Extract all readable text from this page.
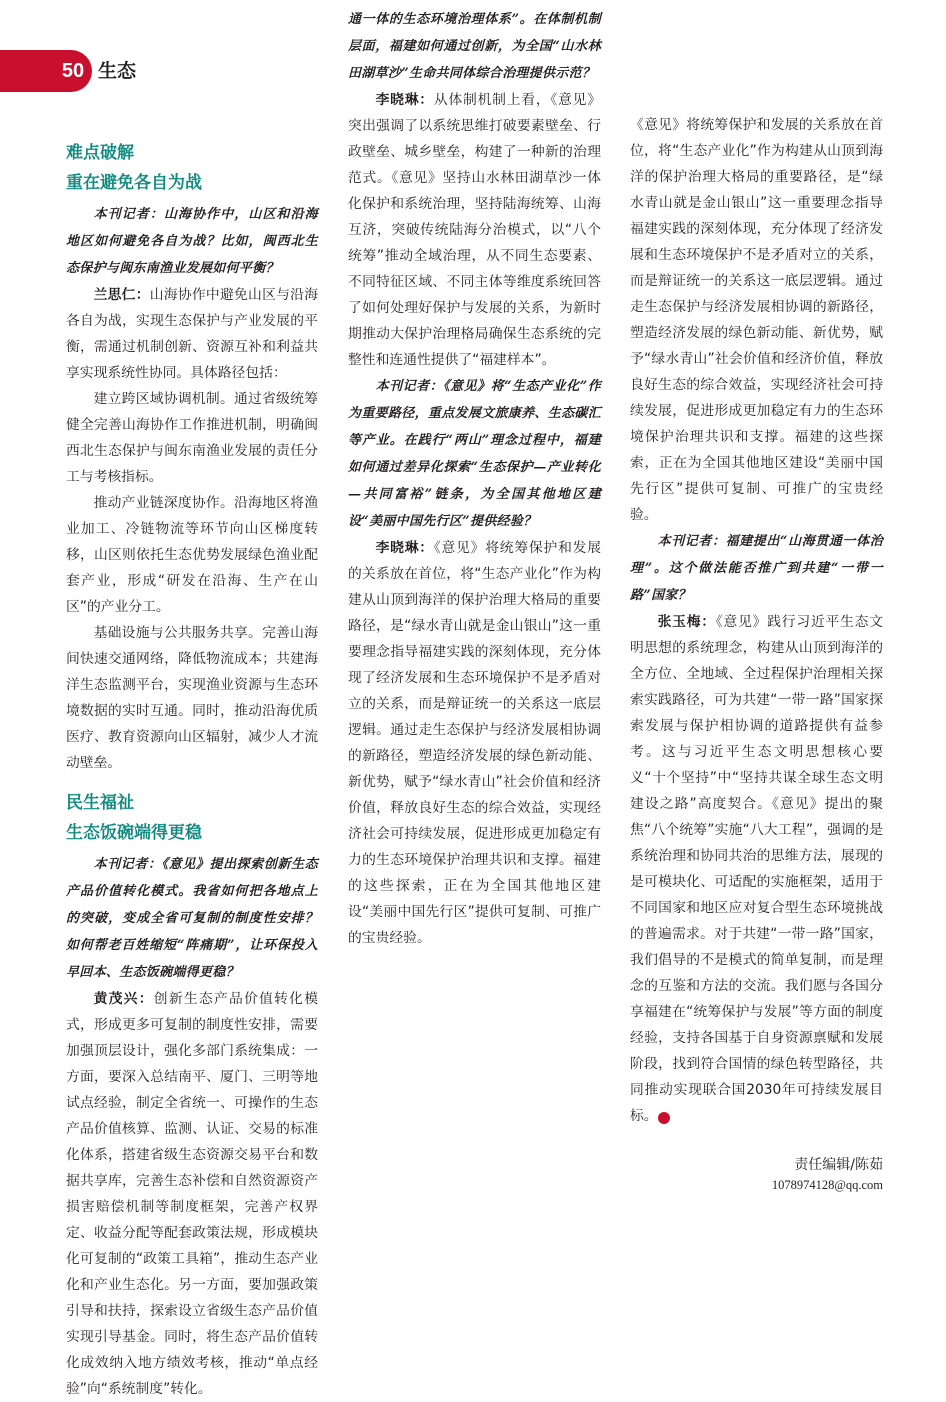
50 生态
难点破解
重在避免各自为战

本刊记者：山海协作中，山区和沿海地区如何避免各自为战？比如，闽西北生态保护与闽东南渔业发展如何平衡？

兰思仁：山海协作中避免山区与沿海各自为战，实现生态保护与产业发展的平衡，需通过机制创新、资源互补和利益共享实现系统性协同。具体路径包括：

建立跨区域协调机制。通过省级统筹健全完善山海协作工作推进机制，明确闽西北生态保护与闽东南渔业发展的责任分工与考核指标。

推动产业链深度协作。沿海地区将渔业加工、冷链物流等环节向山区梯度转移，山区则依托生态优势发展绿色渔业配套产业，形成“研发在沿海、生产在山区”的产业分工。

基础设施与公共服务共享。完善山海间快速交通网络，降低物流成本；共建海洋生态监测平台，实现渔业资源与生态环境数据的实时互通。同时，推动沿海优质医疗、教育资源向山区辐射，减少人才流动壁垒。

民生福祉
生态饭碗端得更稳

本刊记者：《意见》提出探索创新生态产品价值转化模式。我省如何把各地点上的突破，变成全省可复制的制度性安排？如何帮老百姓缩短“阵痛期”，让环保投入早回本、生态饭碗端得更稳？

黄茂兴：创新生态产品价值转化模式，形成更多可复制的制度性安排，需要加强顶层设计，强化多部门系统集成：一方面，要深入总结南平、厦门、三明等地试点经验，制定全省统一、可操作的生态产品价值核算、监测、认证、交易的标准化体系，搭建省级生态资源交易平台和数据共享库，完善生态补偿和自然资源资产损害赔偿机制等制度框架，完善产权界定、收益分配等配套政策法规，形成模块化可复制的“政策工具箱”，推动生态产业化和产业生态化。另一方面，要加强政策引导和扶持，探索设立省级生态产品价值实现引导基金。同时，将生态产品价值转化成效纳入地方绩效考核，推动“单点经验”向“系统制度”转化。

通一体的生态环境治理体系”。在体制机制层面，福建如何通过创新，为全国“山水林田湖草沙”生命共同体综合治理提供示范？

李晓琳：从体制机制上看，《意见》突出强调了以系统思维打破要素壁垒、行政壁垒、城乡壁垒，构建了一种新的治理范式。《意见》坚持山水林田湖草沙一体化保护和系统治理，坚持陆海统筹、山海互济，突破传统陆海分治模式，以“八个统筹”推动全域治理，从不同生态要素、不同特征区域、不同主体等维度系统回答了如何处理好保护与发展的关系，为新时期推动大保护治理格局确保生态系统的完整性和连通性提供了“福建样本”。

本刊记者：《意见》将“生态产业化”作为重要路径，重点发展文旅康养、生态碳汇等产业。在践行“两山”理念过程中，福建如何通过差异化探索“生态保护—产业转化—共同富裕”链条，为全国其他地区建设“美丽中国先行区”提供经验？

李晓琳：《意见》将统筹保护和发展的关系放在首位，将“生态产业化”作为构建从山顶到海洋的保护治理大格局的重要路径，是“绿水青山就是金山银山”这一重要理念指导福建实践的深刻体现，充分体现了经济发展和生态环境保护不是矛盾对立的关系，而是辩证统一的关系这一底层逻辑。通过走生态保护与经济发展相协调的新路径，塑造经济发展的绿色新动能、新优势，赋予“绿水青山”社会价值和经济价值，释放良好生态的综合效益，实现经济社会可持续发展，促进形成更加稳定有力的生态环境保护治理共识和支撑。福建的这些探索，正在为全国其他地区建设“美丽中国先行区”提供可复制、可推广的宝贵经验。

《意见》将统筹保护和发展的关系放在首位，将“生态产业化”作为构建从山顶到海洋的保护治理大格局的重要路径，是“绿水青山就是金山银山”这一重要理念指导福建实践的深刻体现，充分体现了经济发展和生态环境保护不是矛盾对立的关系，而是辩证统一的关系这一底层逻辑。通过走生态保护与经济发展相协调的新路径，塑造经济发展的绿色新动能、新优势，赋予“绿水青山”社会价值和经济价值，释放良好生态的综合效益，实现经济社会可持续发展，促进形成更加稳定有力的生态环境保护治理共识和支撑。福建的这些探索，正在为全国其他地区建设“美丽中国先行区”提供可复制、可推广的宝贵经验。

本刊记者：福建提出“山海贯通一体治理”。这个做法能否推广到共建“一带一路”国家？

张玉梅：《意见》践行习近平生态文明思想的系统理念，构建从山顶到海洋的全方位、全地域、全过程保护治理相关探索实践路径，可为共建“一带一路”国家探索发展与保护相协调的道路提供有益参考。这与习近平生态文明思想核心要义“十个坚持”中“坚持共谋全球生态文明建设之路”高度契合。《意见》提出的聚焦“八个统筹”实施“八大工程”，强调的是系统治理和协同共治的思维方法，展现的是可模块化、可适配的实施框架，适用于不同国家和地区应对复合型生态环境挑战的普遍需求。对于共建“一带一路”国家，我们倡导的不是模式的简单复制，而是理念的互鉴和方法的交流。我们愿与各国分享福建在“统筹保护与发展”等方面的制度经验，支持各国基于自身资源禀赋和发展阶段，找到符合国情的绿色转型路径，共同推动实现联合国2030年可持续发展目标。	H

责任编辑/陈茹
1078974128@qq.com
